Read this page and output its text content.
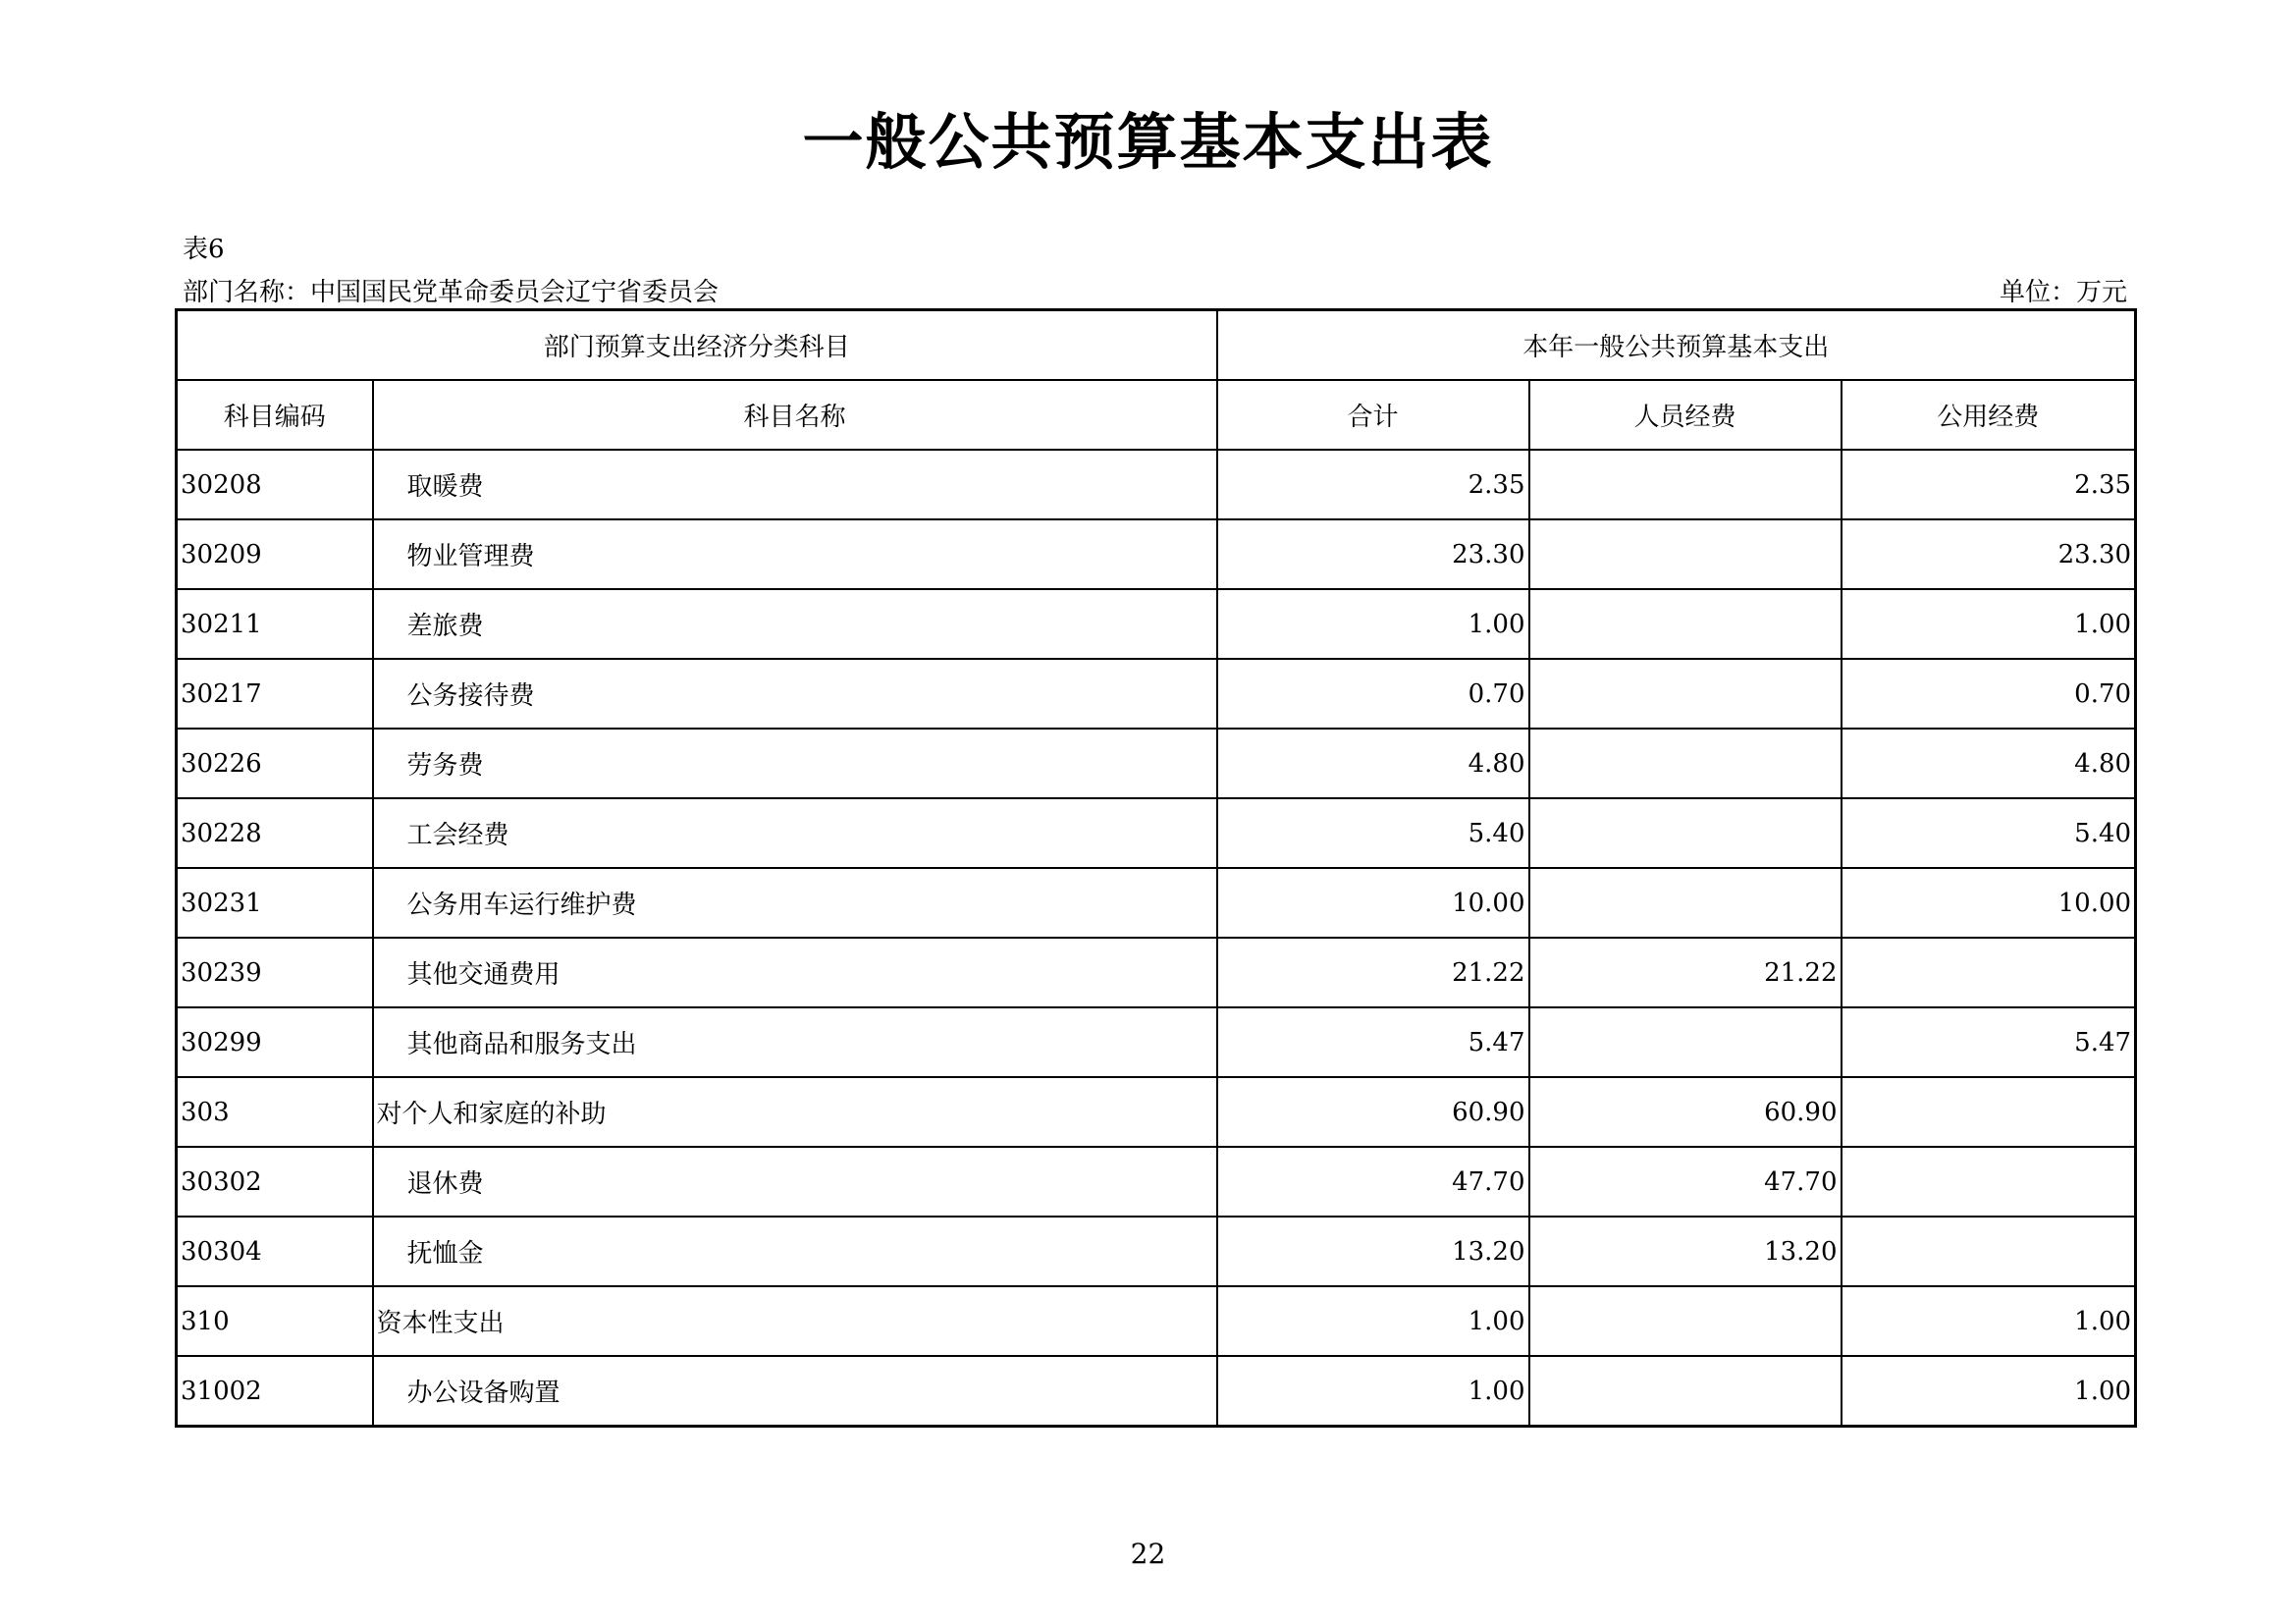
一般公共预算基本支出表
表6
部门名称：中国国民党革命委员会辽宁省委员会	单位：万元
部门预算支出经济分类科目		本年一般公共预算基本支出		
科目编码	科目名称	合计	人员经费	公用经费
30208	取暖费	2.35		2.35
30209	物业管理费	23.30		23.30
30211	差旅费	1.00		1.00
30217	公务接待费	0.70		0.70
30226	劳务费	4.80		4.80
30228	工会经费	5.40		5.40
30231	公务用车运行维护费	10.00		10.00
30239	其他交通费用	21.22	21.22	
30299	其他商品和服务支出	5.47		5.47
303	对个人和家庭的补助	60.90	60.90	
30302	退休费	47.70	47.70	
30304	抚恤金	13.20	13.20	
310	资本性支出	1.00		1.00
31002	办公设备购置	1.00		1.00
22
